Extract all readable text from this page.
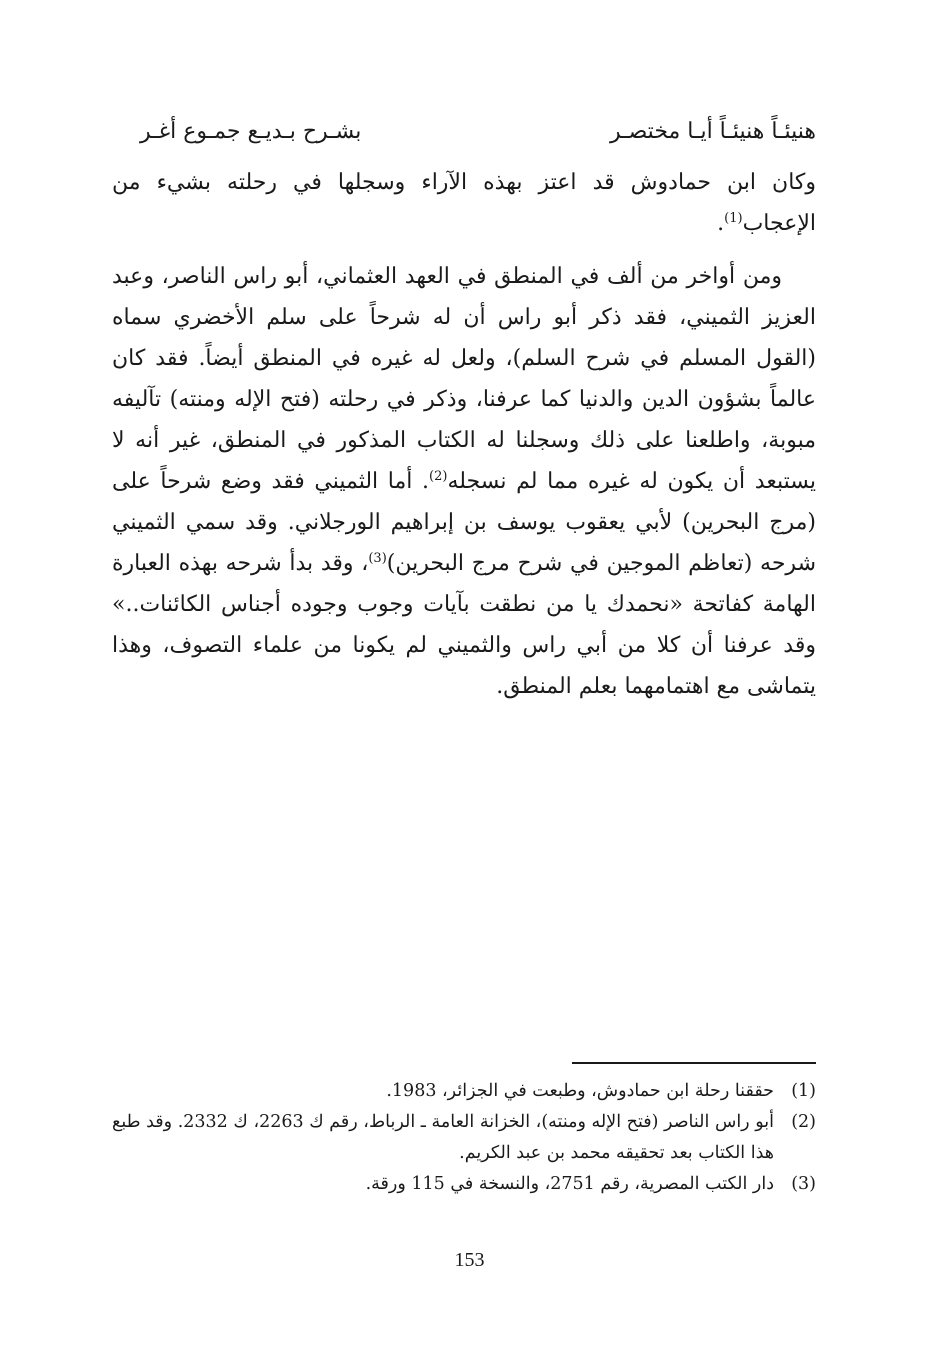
هنيئـاً هنيئـاً أيـا مختصـر
بشـرح بـديـع جمـوع أغـر

وكان ابن حمادوش قد اعتز بهذه الآراء وسجلها في رحلته بشيء من الإعجاب$^{(1)}$.

ومن أواخر من ألف في المنطق في العهد العثماني، أبو راس الناصر، وعبد العزيز الثميني، فقد ذكر أبو راس أن له شرحاً على سلم الأخضري سماه (القول المسلم في شرح السلم)، ولعل له غيره في المنطق أيضاً. فقد كان عالماً بشؤون الدين والدنيا كما عرفنا، وذكر في رحلته (فتح الإله ومنته) تآليفه مبوبة، واطلعنا على ذلك وسجلنا له الكتاب المذكور في المنطق، غير أنه لا يستبعد أن يكون له غيره مما لم نسجله$^{(2)}$. أما الثميني فقد وضع شرحاً على (مرج البحرين) لأبي يعقوب يوسف بن إبراهيم الورجلاني. وقد سمي الثميني شرحه (تعاظم الموجين في شرح مرج البحرين)$^{(3)}$، وقد بدأ شرحه بهذه العبارة الهامة كفاتحة «نحمدك يا من نطقت بآيات وجوب وجوده أجناس الكائنات..» وقد عرفنا أن كلا من أبي راس والثميني لم يكونا من علماء التصوف، وهذا يتماشى مع اهتمامهما بعلم المنطق.

(1)
حققنا رحلة ابن حمادوش، وطبعت في الجزائر، 1983.
(2)
أبو راس الناصر (فتح الإله ومنته)، الخزانة العامة ـ الرباط، رقم ك 2263، ك 2332. وقد طبع هذا الكتاب بعد تحقيقه محمد بن عبد الكريم.
(3)
دار الكتب المصرية، رقم 2751، والنسخة في 115 ورقة.
153
